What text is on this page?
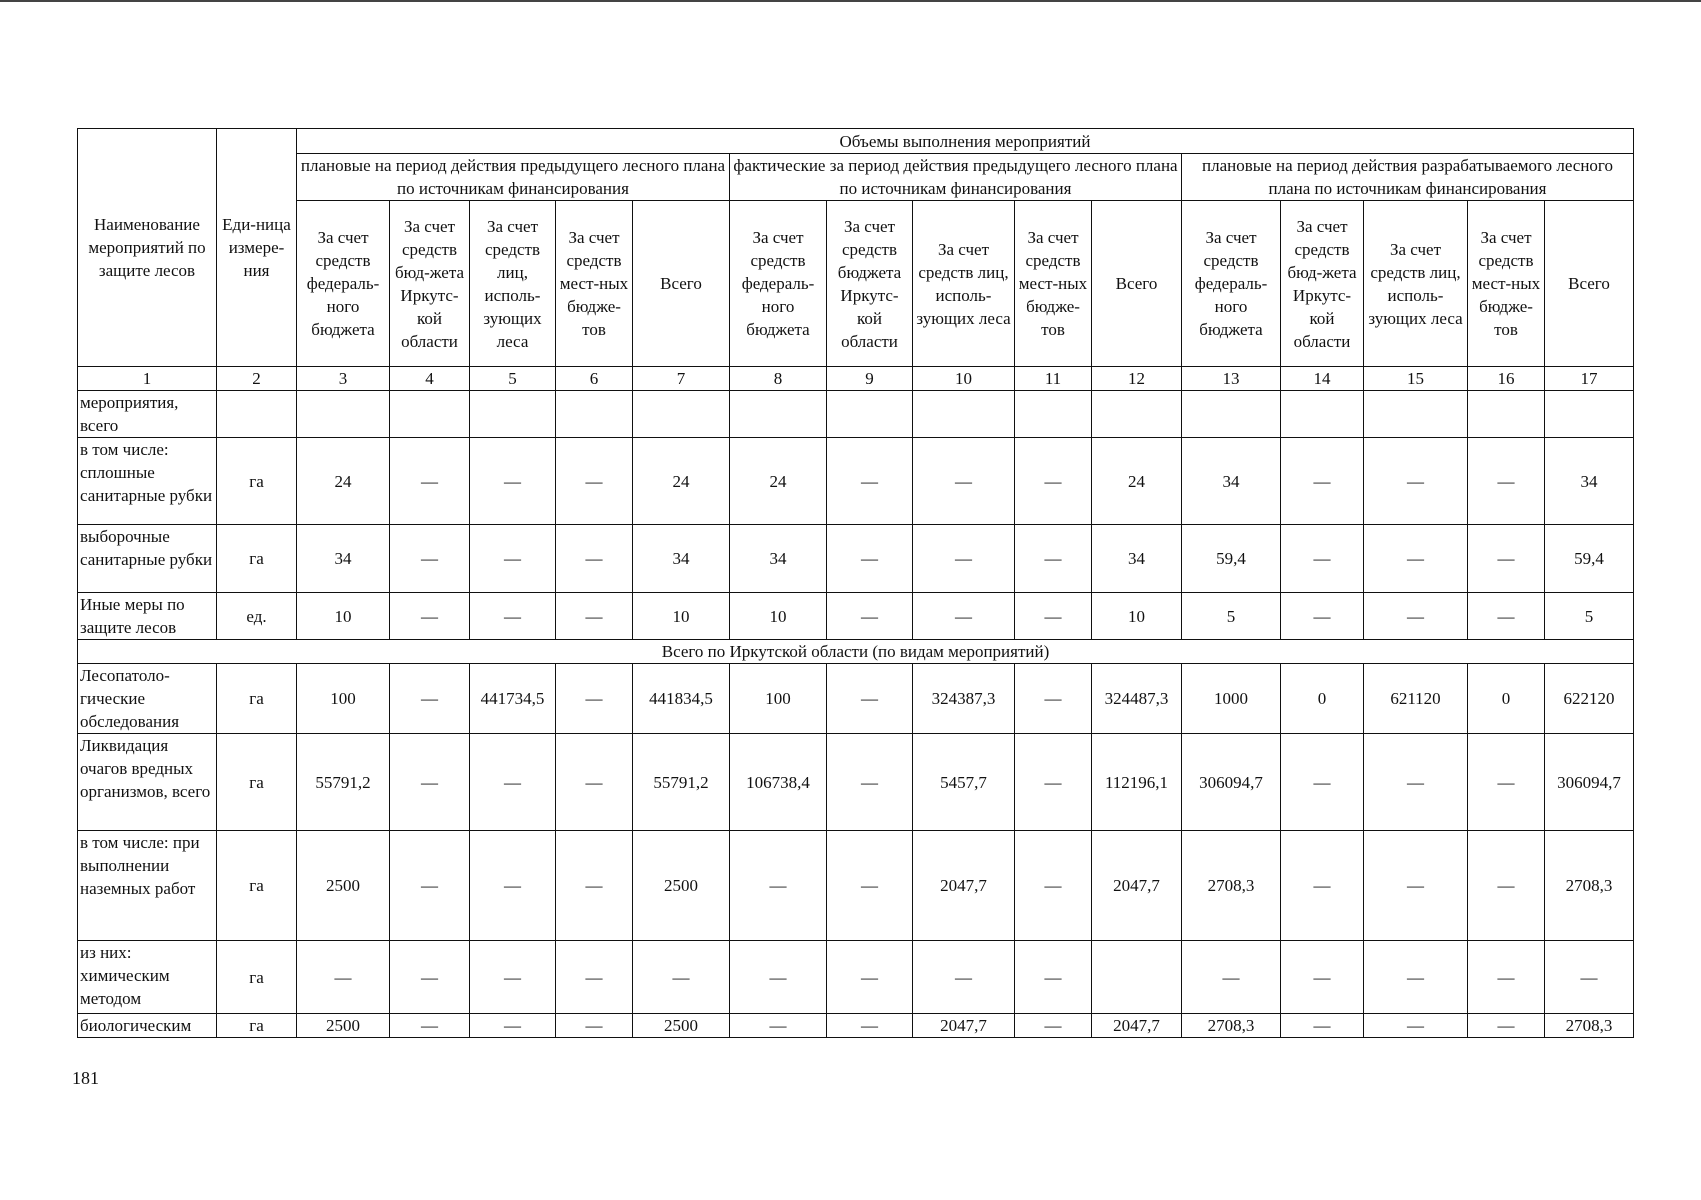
Наименование мероприятий по защите лесов	Еди-ница измере-ния	Объемы выполнения мероприятий														
		плановые на период действия предыдущего лесного плана по источникам финансирования					фактические за период действия предыдущего лесного плана по источникам финансирования					плановые на период действия разрабатываемого лесного плана по источникам финансирования				
		За счет средств федераль-ного бюджета	За счет средств бюд-жета Иркутс-кой области	За счет средств лиц, исполь-зующих леса	За счет средств мест-ных бюдже-тов	Всего	За счет средств федераль-ного бюджета	За счет средств бюджета Иркутс-кой области	За счет средств лиц, исполь-зующих леса	За счет средств мест-ных бюдже-тов	Всего	За счет средств федераль-ного бюджета	За счет средств бюд-жета Иркутс-кой области	За счет средств лиц, исполь-зующих леса	За счет средств мест-ных бюдже-тов	Всего
1	2	3	4	5	6	7	8	9	10	11	12	13	14	15	16	17
мероприятия, всего																
в том числе: сплошные санитарные рубки	га	24	—	—	—	24	24	—	—	—	24	34	—	—	—	34
выборочные санитарные рубки	га	34	—	—	—	34	34	—	—	—	34	59,4	—	—	—	59,4
Иные меры по защите лесов	ед.	10	—	—	—	10	10	—	—	—	10	5	—	—	—	5
Всего по Иркутской области (по видам мероприятий)																
Лесопатоло-гические обследования	га	100	—	441734,5	—	441834,5	100	—	324387,3	—	324487,3	1000	0	621120	0	622120
Ликвидация очагов вредных организмов, всего	га	55791,2	—	—	—	55791,2	106738,4	—	5457,7	—	112196,1	306094,7	—	—	—	306094,7
в том числе: при выполнении наземных работ	га	2500	—	—	—	2500	—	—	2047,7	—	2047,7	2708,3	—	—	—	2708,3
из них: химическим методом	га	—	—	—	—	—	—	—	—	—		—	—	—	—	—
биологическим	га	2500	—	—	—	2500	—	—	2047,7	—	2047,7	2708,3	—	—	—	2708,3
181
